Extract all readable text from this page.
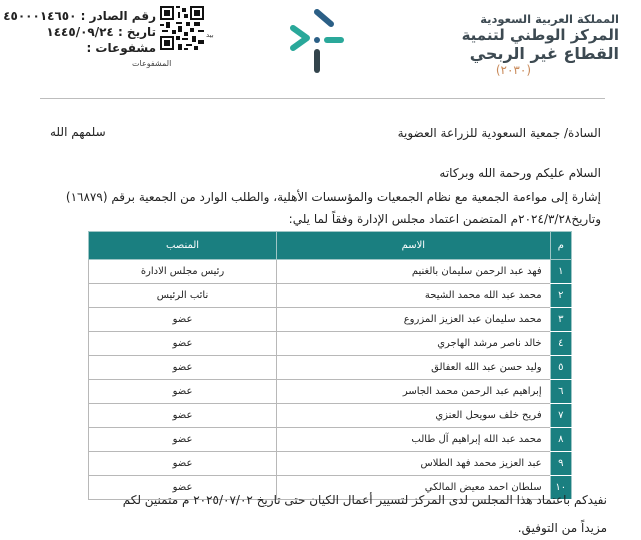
المملكة العربية السعودية
المركز الوطني لتنمية
القطاع غير الربحي
(٢٠٣٠)
بيد
رقم الصادر : ٤٥٠٠٠١٤٦٥٠
تاريخ : ١٤٤٥/٠٩/٢٤
مشفوعات :
المشفوعات
السادة/ جمعية السعودية للزراعة العضوية
سلمهم الله
السلام عليكم ورحمة الله وبركاته
إشارة إلى مواءمة الجمعية مع نظام الجمعيات والمؤسسات الأهلية، والطلب الوارد من الجمعية برقم (١٦٨٧٩)
وتاريخ٢٠٢٤/٣/٢٨م المتضمن اعتماد مجلس الإدارة وفقاً لما يلي:
م	الاسم	المنصب
١	فهد عبد الرحمن سليمان بالغنيم	رئيس مجلس الادارة
٢	محمد عبد الله محمد الشيحة	نائب الرئيس
٣	محمد سليمان عبد العزيز المزروع	عضو
٤	خالد ناصر مرشد الهاجري	عضو
٥	وليد حسن عبد الله العفالق	عضو
٦	إبراهيم عبد الرحمن محمد الجاسر	عضو
٧	فريح خلف سويحل العنزي	عضو
٨	محمد عبد الله إبراهيم آل طالب	عضو
٩	عبد العزيز محمد فهد الطلاس	عضو
١٠	سلطان احمد معيض المالكي	عضو
نفيدكم باعتماد هذا المجلس لدى المركز لتسيير أعمال الكيان حتى تاريخ ٢٠٢٥/٠٧/٠٢ م متمنين لكم
مزيداً من التوفيق.
